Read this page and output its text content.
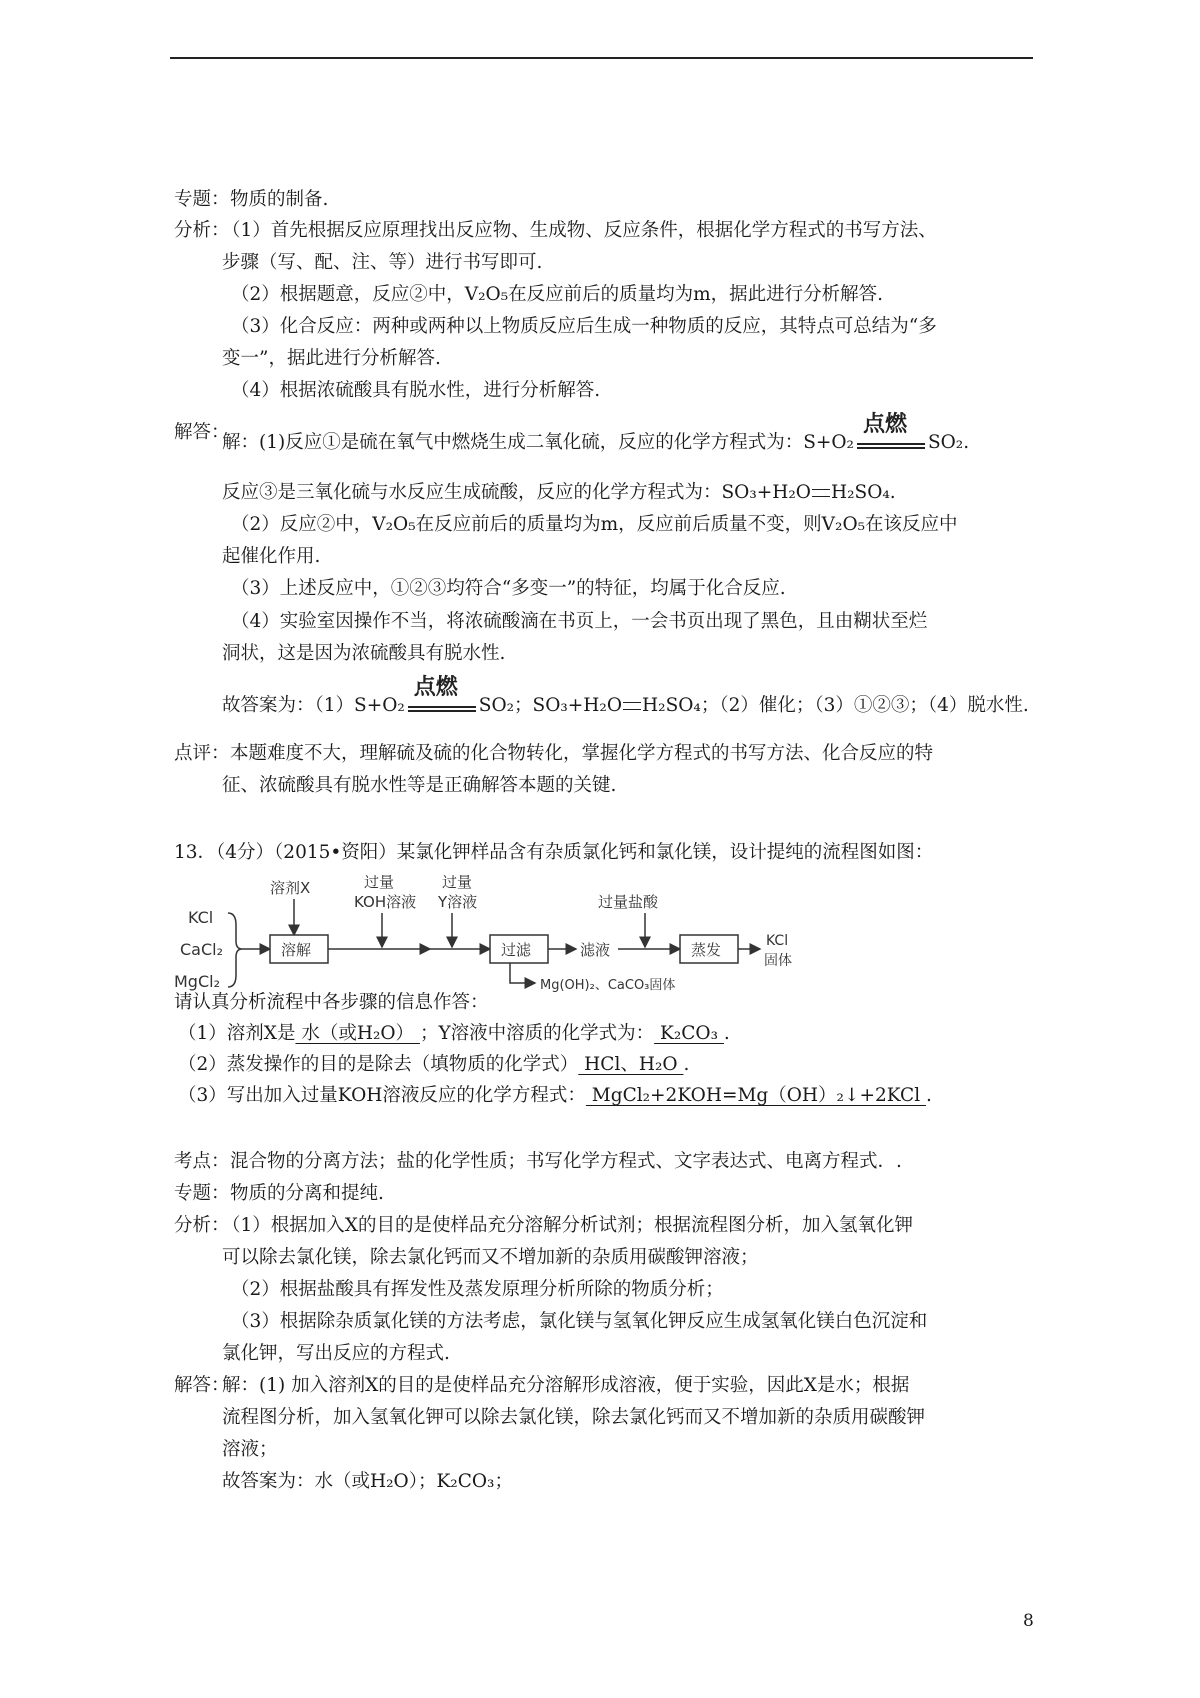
专题： 物质的制备.
分析：
（1）首先根据反应原理找出反应物、生成物、反应条件，根据化学方程式的书写方法、
步骤（写、配、注、等）进行书写即可.
（2）根据题意，反应②中，V₂O₅在反应前后的质量均为m，据此进行分析解答.
（3）化合反应：两种或两种以上物质反应后生成一种物质的反应，其特点可总结为“多
变一”，据此进行分析解答.
（4）根据浓硫酸具有脱水性，进行分析解答.
解答：
解：(1)反应①是硫在氧气中燃烧生成二氧化硫，反应的化学方程式为：S+O₂
点燃
SO₂.
反应③是三氧化硫与水反应生成硫酸，反应的化学方程式为：SO₃+H₂O H₂SO₄.
（2）反应②中，V₂O₅在反应前后的质量均为m，反应前后质量不变，则V₂O₅在该反应中
起催化作用.
（3）上述反应中，①②③均符合“多变一”的特征，均属于化合反应.
（4）实验室因操作不当，将浓硫酸滴在书页上，一会书页出现了黑色，且由糊状至烂
洞状，这是因为浓硫酸具有脱水性.
故答案为：（1）S+O₂
点燃
SO₂；SO₃+H₂O H₂SO₄；（2）催化；（3）①②③；（4）脱水性.
点评： 本题难度不大，理解硫及硫的化合物转化，掌握化学方程式的书写方法、化合反应的特
征、浓硫酸具有脱水性等是正确解答本题的关键.
13．（4分）（2015•资阳）某氯化钾样品含有杂质氯化钙和氯化镁，设计提纯的流程图如图：
KCl
CaCl₂
MgCl₂
溶剂X
溶解
过量
KOH溶液
过量
Y溶液
过滤	滤液
Mg(OH)₂、CaCO₃固体
过量盐酸
蒸发	KCl
固体
请认真分析流程中各步骤的信息作答：
（1）溶剂X是 水（或H₂O） ；Y溶液中溶质的化学式为： K₂CO₃ .
（2）蒸发操作的目的是除去（填物质的化学式） HCl、H₂O .
（3）写出加入过量KOH溶液反应的化学方程式： MgCl₂+2KOH=Mg（OH）₂↓+2KCl .
考点： 混合物的分离方法；盐的化学性质；书写化学方程式、文字表达式、电离方程式．.
专题： 物质的分离和提纯.
分析：
（1）根据加入X的目的是使样品充分溶解分析试剂；根据流程图分析，加入氢氧化钾
可以除去氯化镁，除去氯化钙而又不增加新的杂质用碳酸钾溶液；
（2）根据盐酸具有挥发性及蒸发原理分析所除的物质分析；
（3）根据除杂质氯化镁的方法考虑，氯化镁与氢氧化钾反应生成氢氧化镁白色沉淀和
氯化钾，写出反应的方程式.
解答：
解：(1) 加入溶剂X的目的是使样品充分溶解形成溶液，便于实验，因此X是水；根据
流程图分析，加入氢氧化钾可以除去氯化镁，除去氯化钙而又不增加新的杂质用碳酸钾
溶液；
故答案为：水（或H₂O）；K₂CO₃；
8
